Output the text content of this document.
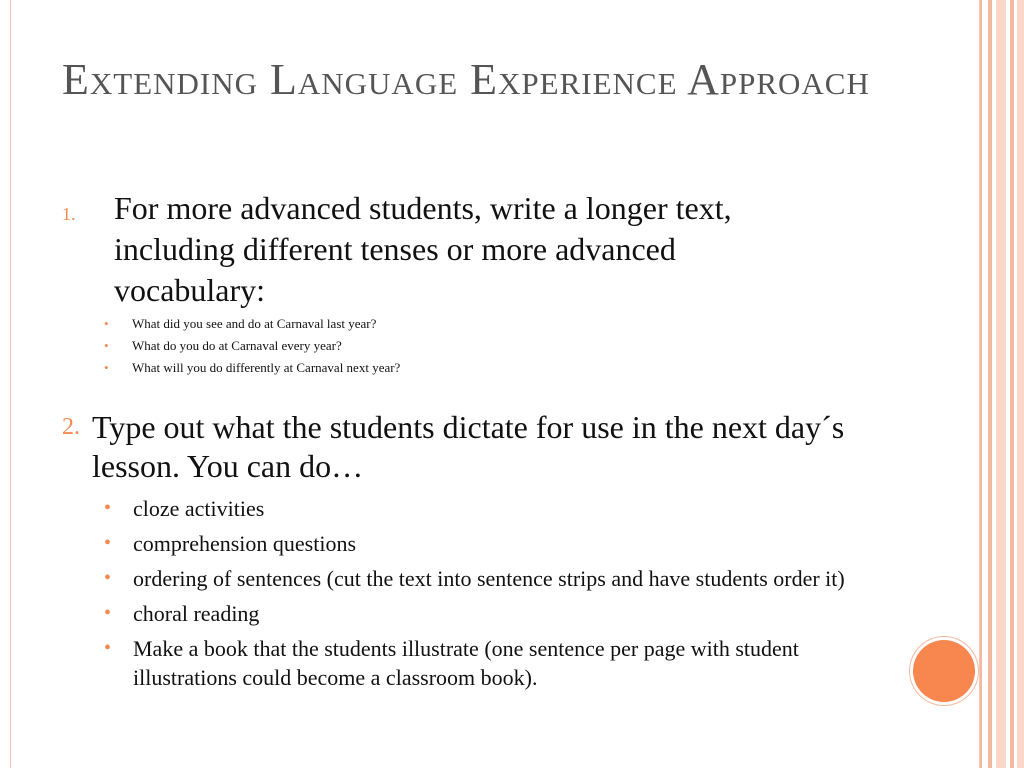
Extending Language Experience Approach
1. For more advanced students, write a longer text, including different tenses or more advanced vocabulary:
• What did you see and do at Carnaval last year?
• What do you do at Carnaval every year?
• What will you do differently at Carnaval next year?
2. Type out what the students dictate for use in the next day´s lesson. You can do…
• cloze activities
• comprehension questions
• ordering of sentences (cut the text into sentence strips and have students order it)
• choral reading
• Make a book that the students illustrate (one sentence per page with student illustrations could become a classroom book).
